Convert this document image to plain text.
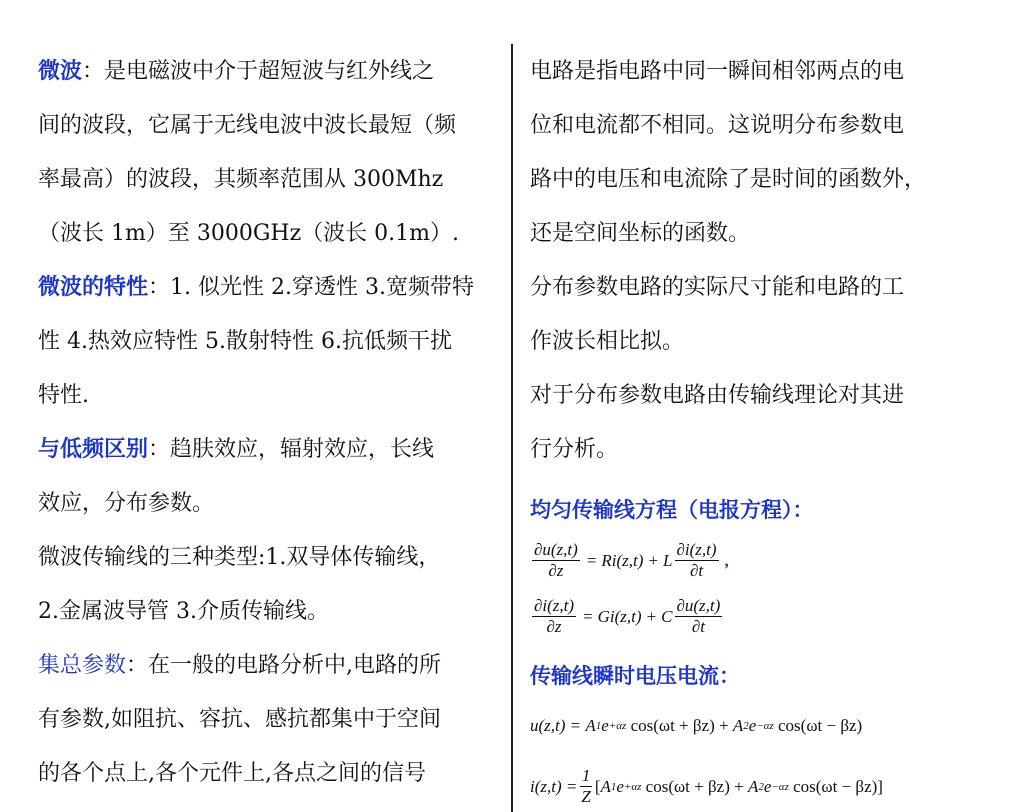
微波：是电磁波中介于超短波与红外线之
间的波段，它属于无线电波中波长最短（频
率最高）的波段，其频率范围从 300Mhz
（波长 1m）至 3000GHz（波长 0.1m）.
微波的特性：1. 似光性 2.穿透性 3.宽频带特
性 4.热效应特性 5.散射特性 6.抗低频干扰
特性.
与低频区别：趋肤效应，辐射效应，长线
效应，分布参数。
微波传输线的三种类型:1.双导体传输线，
2.金属波导管 3.介质传输线。
集总参数：在一般的电路分析中,电路的所
有参数,如阻抗、容抗、感抗都集中于空间
的各个点上,各个元件上,各点之间的信号
电路是指电路中同一瞬间相邻两点的电
位和电流都不相同。这说明分布参数电
路中的电压和电流除了是时间的函数外，
还是空间坐标的函数。
分布参数电路的实际尺寸能和电路的工
作波长相比拟。
对于分布参数电路由传输线理论对其进
行分析。
均匀传输线方程（电报方程）：
$\frac{\partial u(z,t)}{\partial z} = Ri(z,t) + L \frac{\partial i(z,t)}{\partial t}$ ,
$\frac{\partial i(z,t)}{\partial z} = Gi(z,t) + C \frac{\partial u(z,t)}{\partial t}$
传输线瞬时电压电流：
u(z,t) =
A 1 e +αz
cos(ωt + βz) +
A 2 e −αz
cos(ωt − βz)
$i(z,t) = \frac{1}{Z}$ [ A 1 e +αz
cos(ωt + βz) +
A 2 e −αz
cos(ωt − βz)]
